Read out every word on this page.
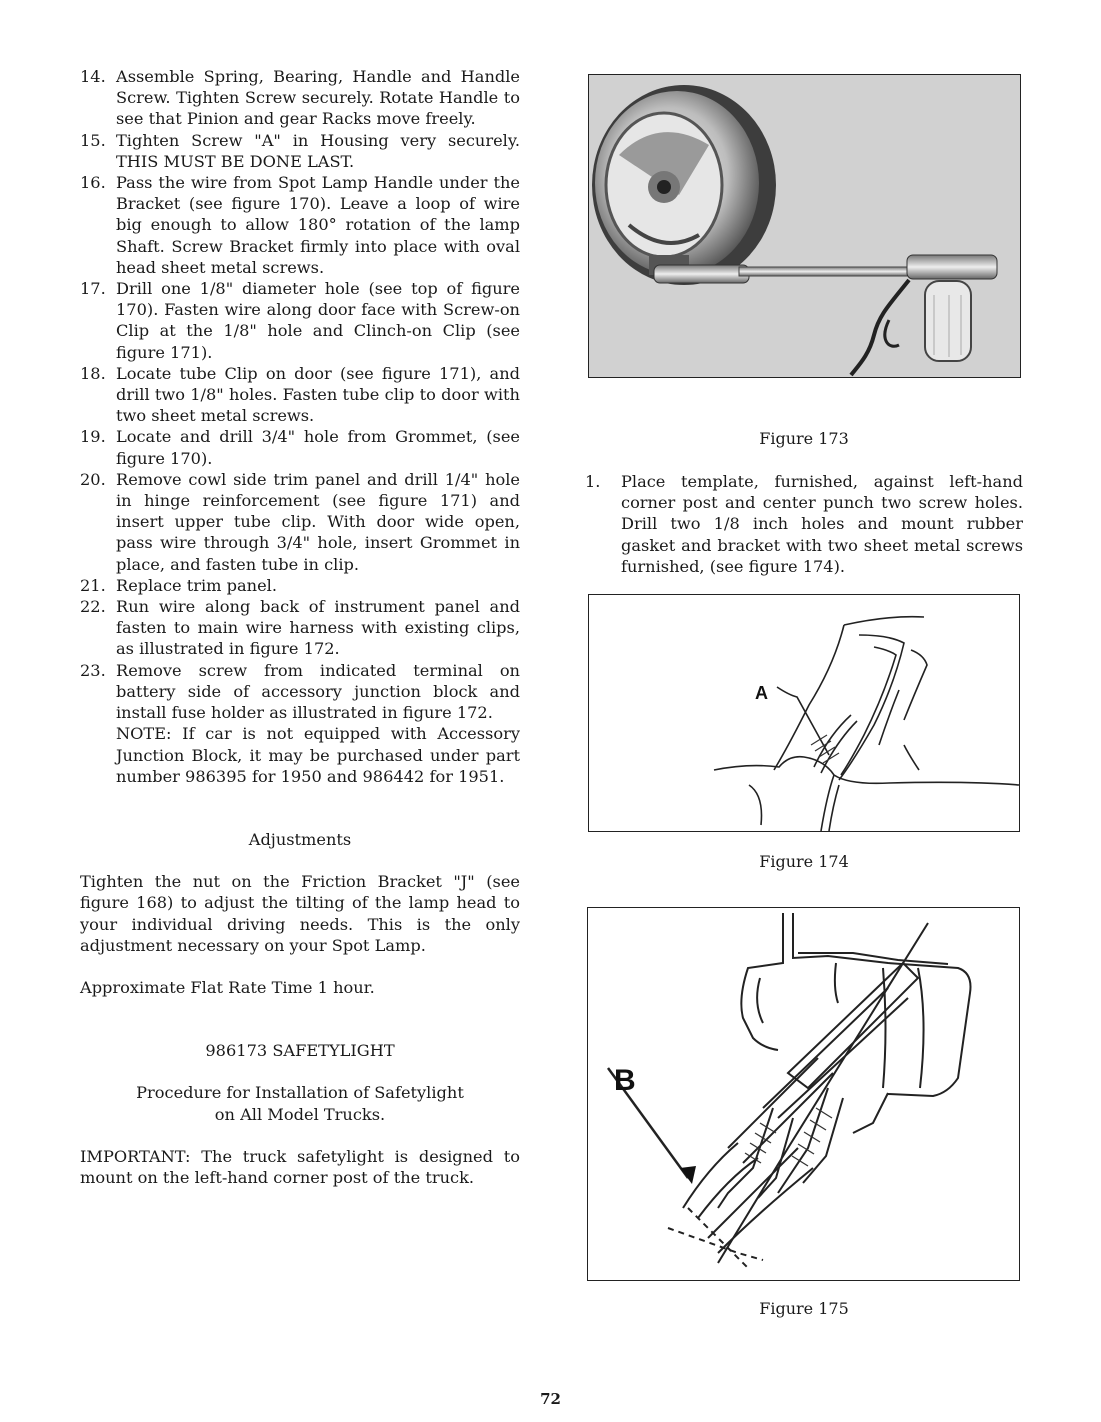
14. Assemble Spring, Bearing, Handle and Handle Screw. Tighten Screw securely. Rotate Handle to see that Pinion and gear Racks move freely.
15. Tighten Screw "A" in Housing very securely. THIS MUST BE DONE LAST.
16. Pass the wire from Spot Lamp Handle under the Bracket (see figure 170). Leave a loop of wire big enough to allow 180° rotation of the lamp Shaft. Screw Bracket firmly into place with oval head sheet metal screws.
17. Drill one 1/8" diameter hole (see top of figure 170). Fasten wire along door face with Screw-on Clip at the 1/8" hole and Clinch-on Clip (see figure 171).
18. Locate tube Clip on door (see figure 171), and drill two 1/8" holes. Fasten tube clip to door with two sheet metal screws.
19. Locate and drill 3/4" hole from Grommet, (see figure 170).
20. Remove cowl side trim panel and drill 1/4" hole in hinge reinforcement (see figure 171) and insert upper tube clip. With door wide open, pass wire through 3/4" hole, insert Grommet in place, and fasten tube in clip.
21. Replace trim panel.
22. Run wire along back of instrument panel and fasten to main wire harness with existing clips, as illustrated in figure 172.
23. Remove screw from indicated terminal on battery side of accessory junction block and install fuse holder as illustrated in figure 172.
NOTE: If car is not equipped with Accessory Junction Block, it may be purchased under part number 986395 for 1950 and 986442 for 1951.
Adjustments
Tighten the nut on the Friction Bracket "J" (see figure 168) to adjust the tilting of the lamp head to your individual driving needs. This is the only adjustment necessary on your Spot Lamp.
Approximate Flat Rate Time 1 hour.
986173 SAFETYLIGHT
Procedure for Installation of Safetylight
on All Model Trucks.
IMPORTANT: The truck safetylight is designed to mount on the left-hand corner post of the truck.
Figure 173
1. Place template, furnished, against left-hand corner post and center punch two screw holes. Drill two 1/8 inch holes and mount rubber gasket and bracket with two sheet metal screws furnished, (see figure 174).
A
Figure 174
B
Figure 175
72
